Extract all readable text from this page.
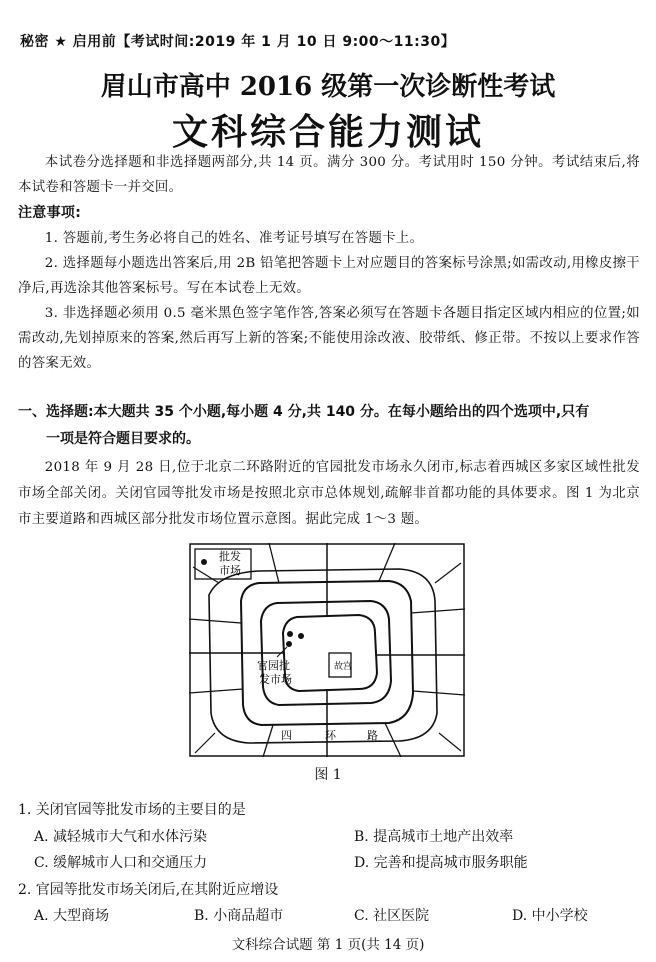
秘密 ★ 启用前【考试时间:2019 年 1 月 10 日 9:00～11:30】
眉山市高中 2016 级第一次诊断性考试
文科综合能力测试
本试卷分选择题和非选择题两部分,共 14 页。满分 300 分。考试用时 150 分钟。考试结束后,将本试卷和答题卡一并交回。
注意事项:
1. 答题前,考生务必将自己的姓名、准考证号填写在答题卡上。
2. 选择题每小题选出答案后,用 2B 铅笔把答题卡上对应题目的答案标号涂黑;如需改动,用橡皮擦干净后,再选涂其他答案标号。写在本试卷上无效。
3. 非选择题必须用 0.5 毫米黑色签字笔作答,答案必须写在答题卡各题目指定区域内相应的位置;如需改动,先划掉原来的答案,然后再写上新的答案;不能使用涂改液、胶带纸、修正带。不按以上要求作答的答案无效。
一、选择题:本大题共 35 个小题,每小题 4 分,共 140 分。在每小题给出的四个选项中,只有
一项是符合题目要求的。
2018 年 9 月 28 日,位于北京二环路附近的官园批发市场永久闭市,标志着西城区多家区域性批发市场全部关闭。关闭官园等批发市场是按照北京市总体规划,疏解非首都功能的具体要求。图 1 为北京市主要道路和西城区部分批发市场位置示意图。据此完成 1～3 题。
批发
市场
官园批
发市场
故宫
四	环	路
图 1
1. 关闭官园等批发市场的主要目的是
A. 减轻城市大气和水体污染	B. 提高城市土地产出效率
C. 缓解城市人口和交通压力	D. 完善和提高城市服务职能
2. 官园等批发市场关闭后,在其附近应增设
A. 大型商场	B. 小商品超市	C. 社区医院	D. 中小学校
文科综合试题 第 1 页(共 14 页)
